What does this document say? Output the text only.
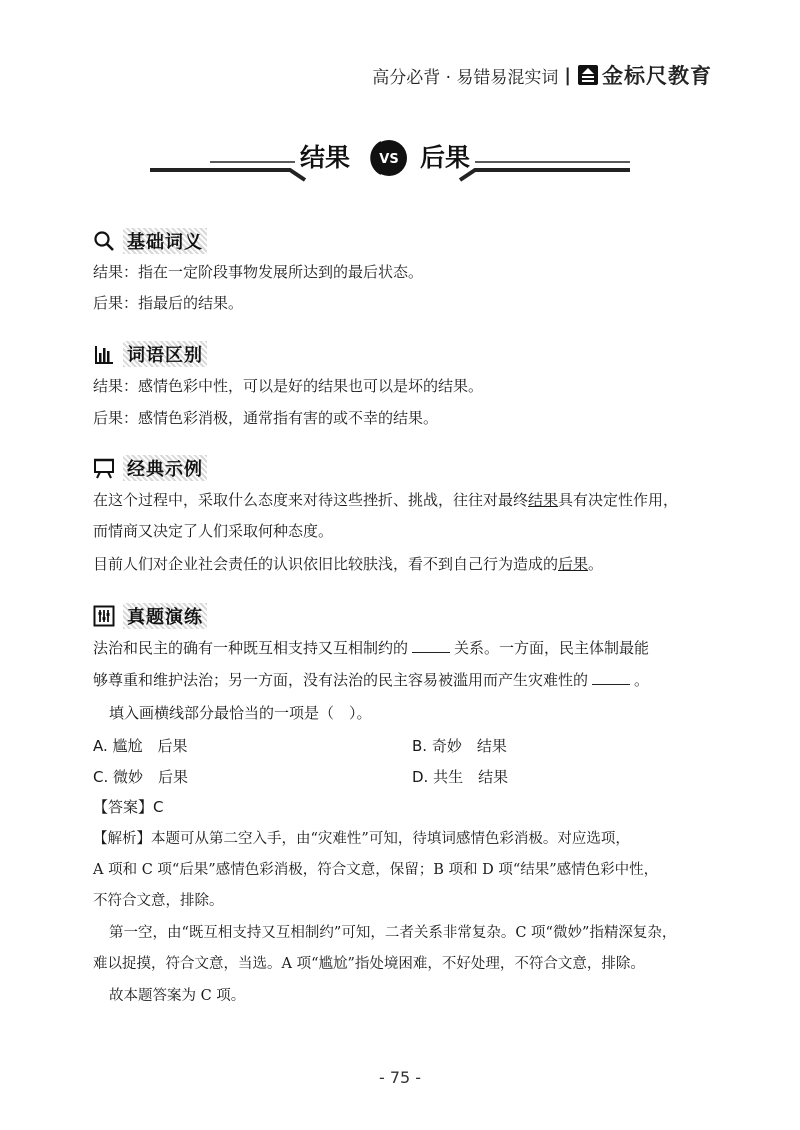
高分必背 · 易错易混实词 | 金标尺教育
结果 VS 后果
基础词义
结果：指在一定阶段事物发展所达到的最后状态。
后果：指最后的结果。
词语区别
结果：感情色彩中性，可以是好的结果也可以是坏的结果。
后果：感情色彩消极，通常指有害的或不幸的结果。
经典示例
在这个过程中，采取什么态度来对待这些挫折、挑战，往往对最终结果具有决定性作用，
而情商又决定了人们采取何种态度。
目前人们对企业社会责任的认识依旧比较肤浅，看不到自己行为造成的后果。
真题演练
法治和民主的确有一种既互相支持又互相制约的	关系。一方面，民主体制最能
够尊重和维护法治；另一方面，没有法治的民主容易被滥用而产生灾难性的	。
填入画横线部分最恰当的一项是（　）。
A. 尴尬　后果	B. 奇妙　结果
C. 微妙　后果	D. 共生　结果
【答案】C
【解析】本题可从第二空入手，由“灾难性”可知，待填词感情色彩消极。对应选项，
A 项和 C 项“后果”感情色彩消极，符合文意，保留；B 项和 D 项“结果”感情色彩中性，
不符合文意，排除。
第一空，由“既互相支持又互相制约”可知，二者关系非常复杂。C 项“微妙”指精深复杂，
难以捉摸，符合文意，当选。A 项“尴尬”指处境困难，不好处理，不符合文意，排除。
故本题答案为 C 项。
- 75 -
